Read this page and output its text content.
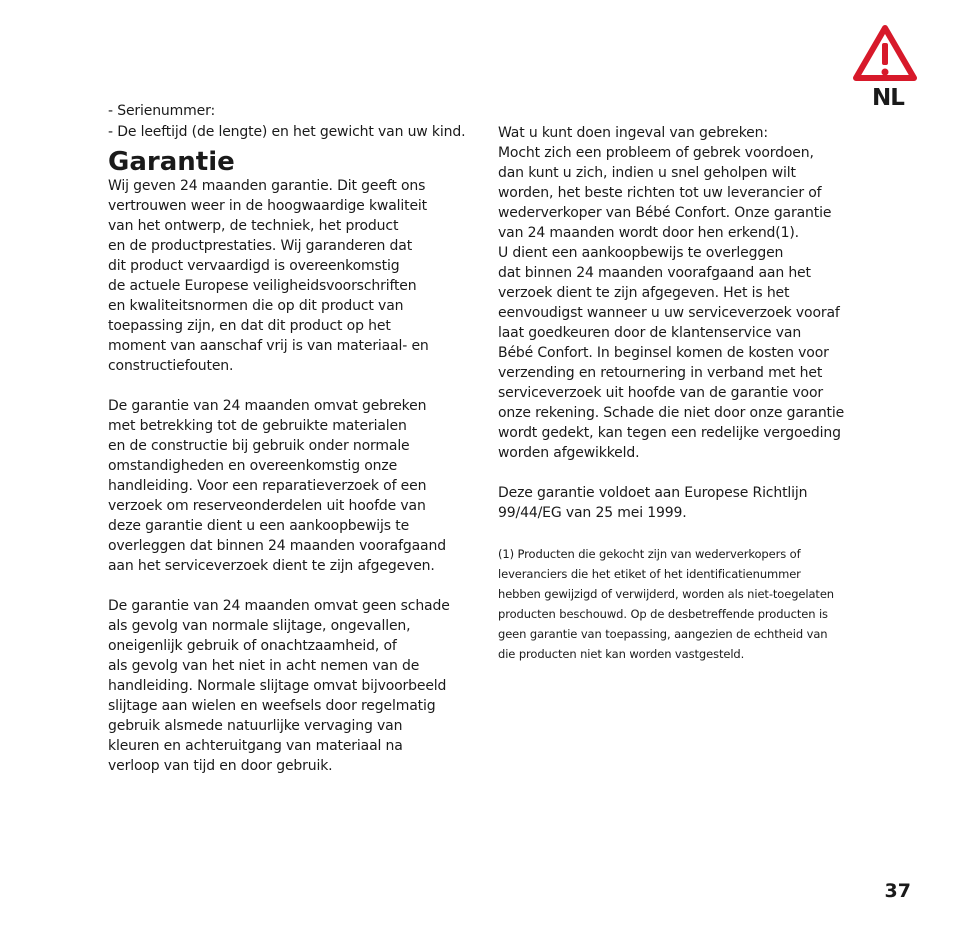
NL
- Serienummer:
- De leeftijd (de lengte) en het gewicht van uw kind.
Garantie
Wij geven 24 maanden garantie. Dit geeft ons
vertrouwen weer in de hoogwaardige kwaliteit
van het ontwerp, de techniek, het product
en de productprestaties. Wij garanderen dat
dit product vervaardigd is overeenkomstig
de actuele Europese veiligheidsvoorschriften
en kwaliteitsnormen die op dit product van
toepassing zijn, en dat dit product op het
moment van aanschaf vrij is van materiaal- en
constructiefouten.
De garantie van 24 maanden omvat gebreken
met betrekking tot de gebruikte materialen
en de constructie bij gebruik onder normale
omstandigheden en overeenkomstig onze
handleiding. Voor een reparatieverzoek of een
verzoek om reserveonderdelen uit hoofde van
deze garantie dient u een aankoopbewijs te
overleggen dat binnen 24 maanden voorafgaand
aan het serviceverzoek dient te zijn afgegeven.
De garantie van 24 maanden omvat geen schade
als gevolg van normale slijtage, ongevallen,
oneigenlijk gebruik of onachtzaamheid, of
als gevolg van het niet in acht nemen van de
handleiding. Normale slijtage omvat bijvoorbeeld
slijtage aan wielen en weefsels door regelmatig
gebruik alsmede natuurlijke vervaging van
kleuren en achteruitgang van materiaal na
verloop van tijd en door gebruik.
Wat u kunt doen ingeval van gebreken:
Mocht zich een probleem of gebrek voordoen,
dan kunt u zich, indien u snel geholpen wilt
worden, het beste richten tot uw leverancier of
wederverkoper van Bébé Confort. Onze garantie
van 24 maanden wordt door hen erkend(1).
U dient een aankoopbewijs te overleggen
dat binnen 24 maanden voorafgaand aan het
verzoek dient te zijn afgegeven. Het is het
eenvoudigst wanneer u uw serviceverzoek vooraf
laat goedkeuren door de klantenservice van
Bébé Confort. In beginsel komen de kosten voor
verzending en retournering in verband met het
serviceverzoek uit hoofde van de garantie voor
onze rekening. Schade die niet door onze garantie
wordt gedekt, kan tegen een redelijke vergoeding
worden afgewikkeld.
Deze garantie voldoet aan Europese Richtlijn
99/44/EG van 25 mei 1999.
(1) Producten die gekocht zijn van wederverkopers of
leveranciers die het etiket of het identificatienummer
hebben gewijzigd of verwijderd, worden als niet-toegelaten
producten beschouwd. Op de desbetreffende producten is
geen garantie van toepassing, aangezien de echtheid van
die producten niet kan worden vastgesteld.
37
